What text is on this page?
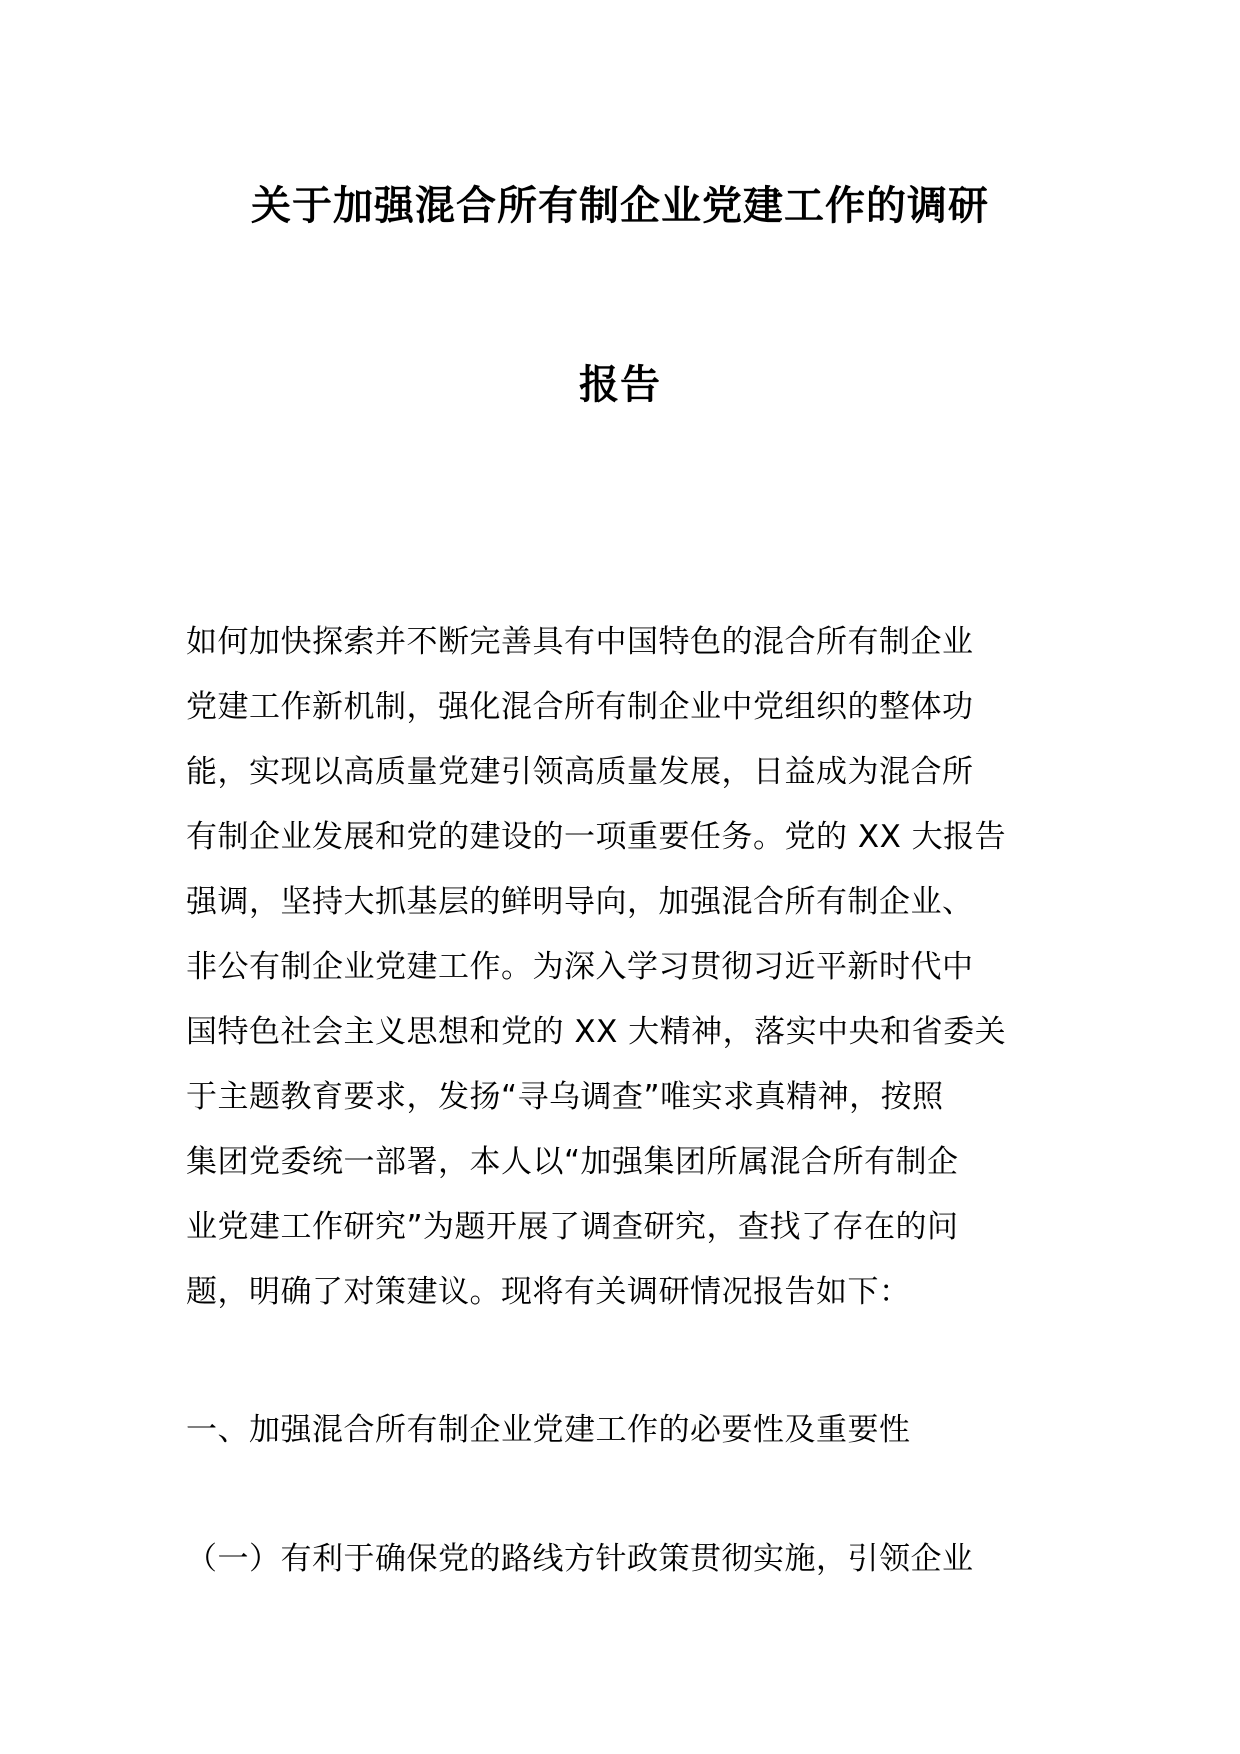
关于加强混合所有制企业党建工作的调研
报告
如何加快探索并不断完善具有中国特色的混合所有制企业
党建工作新机制，强化混合所有制企业中党组织的整体功
能，实现以高质量党建引领高质量发展，日益成为混合所
有制企业发展和党的建设的一项重要任务。党的 XX 大报告
强调，坚持大抓基层的鲜明导向，加强混合所有制企业、
非公有制企业党建工作。为深入学习贯彻习近平新时代中
国特色社会主义思想和党的 XX 大精神，落实中央和省委关
于主题教育要求，发扬“寻乌调查”唯实求真精神，按照
集团党委统一部署，本人以“加强集团所属混合所有制企
业党建工作研究”为题开展了调查研究，查找了存在的问
题，明确了对策建议。现将有关调研情况报告如下：
一、加强混合所有制企业党建工作的必要性及重要性
（一）有利于确保党的路线方针政策贯彻实施，引领企业
